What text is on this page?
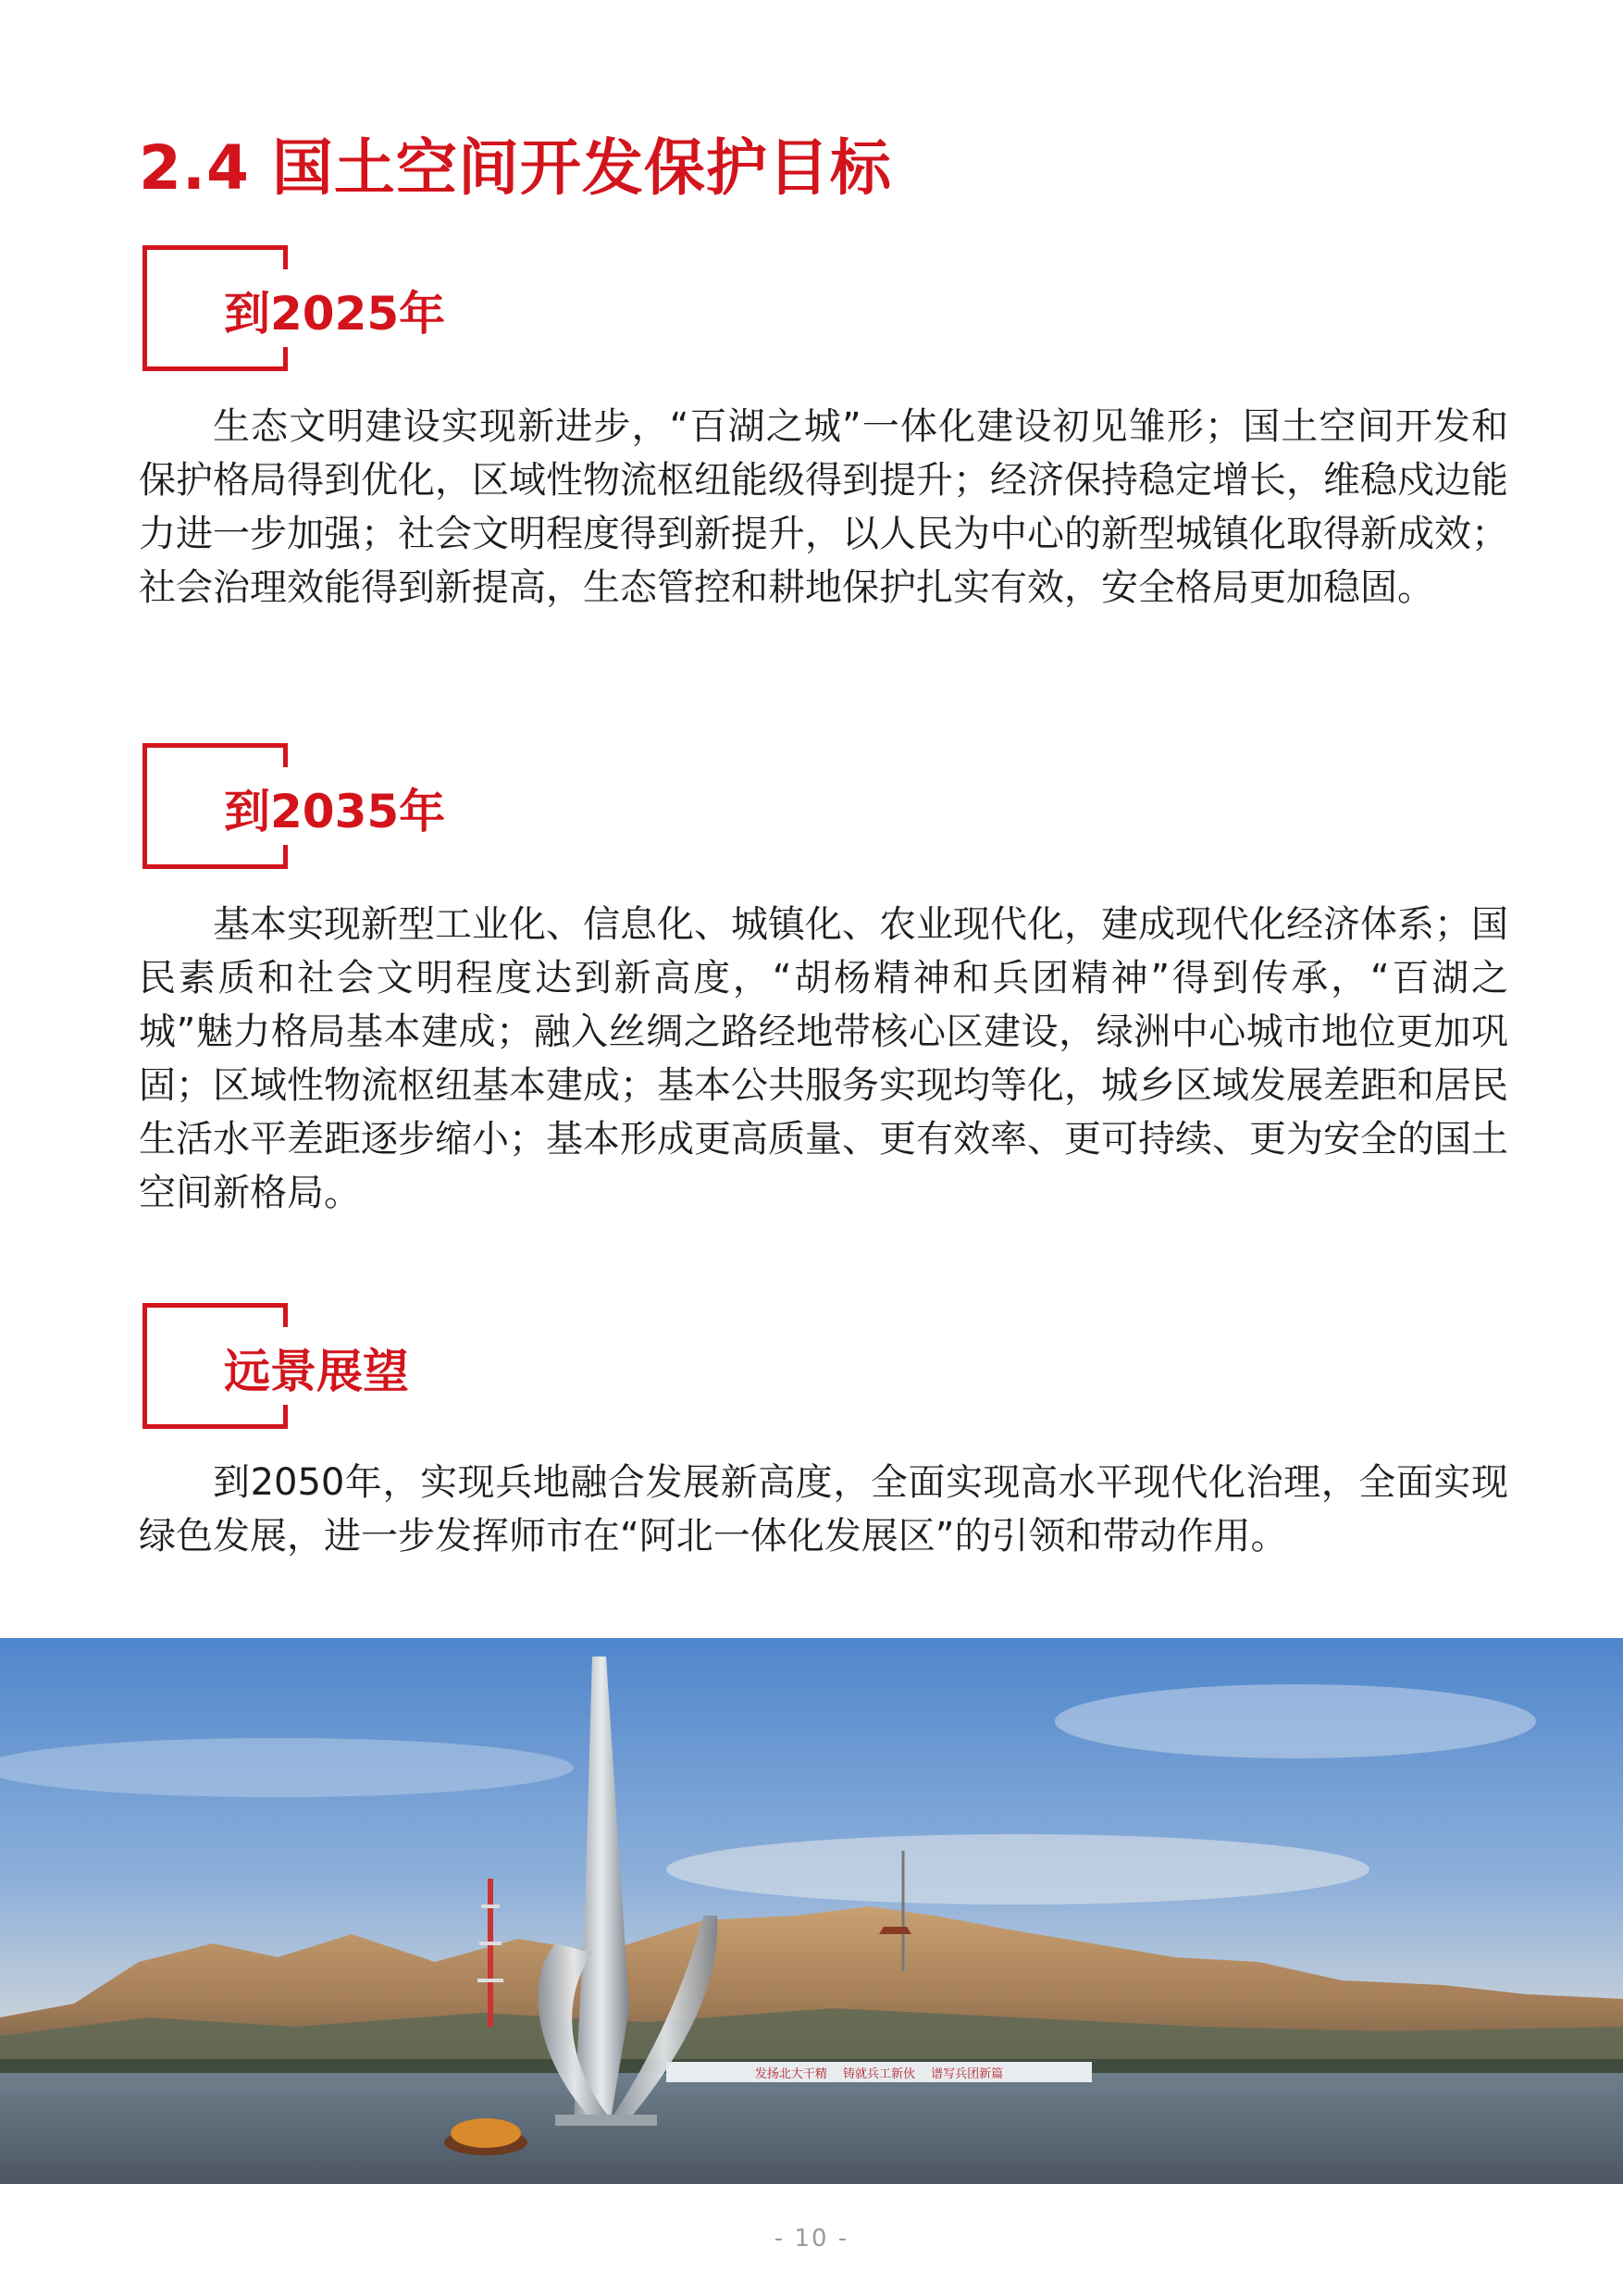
2.4 国土空间开发保护目标
到2025年
生态文明建设实现新进步，“百湖之城”一体化建设初见雏形；国土空间开发和保护格局得到优化，区域性物流枢纽能级得到提升；经济保持稳定增长，维稳戍边能力进一步加强；社会文明程度得到新提升，以人民为中心的新型城镇化取得新成效；社会治理效能得到新提高，生态管控和耕地保护扎实有效，安全格局更加稳固。
到2035年
基本实现新型工业化、信息化、城镇化、农业现代化，建成现代化经济体系；国民素质和社会文明程度达到新高度，“胡杨精神和兵团精神”得到传承，“百湖之城”魅力格局基本建成；融入丝绸之路经地带核心区建设，绿洲中心城市地位更加巩固；区域性物流枢纽基本建成；基本公共服务实现均等化，城乡区域发展差距和居民生活水平差距逐步缩小；基本形成更高质量、更有效率、更可持续、更为安全的国土空间新格局。
远景展望
到2050年，实现兵地融合发展新高度，全面实现高水平现代化治理，全面实现绿色发展，进一步发挥师市在“阿北一体化发展区”的引领和带动作用。
发扬北大干精 　铸就兵工新伙 　谱写兵团新篇
- 10 -
